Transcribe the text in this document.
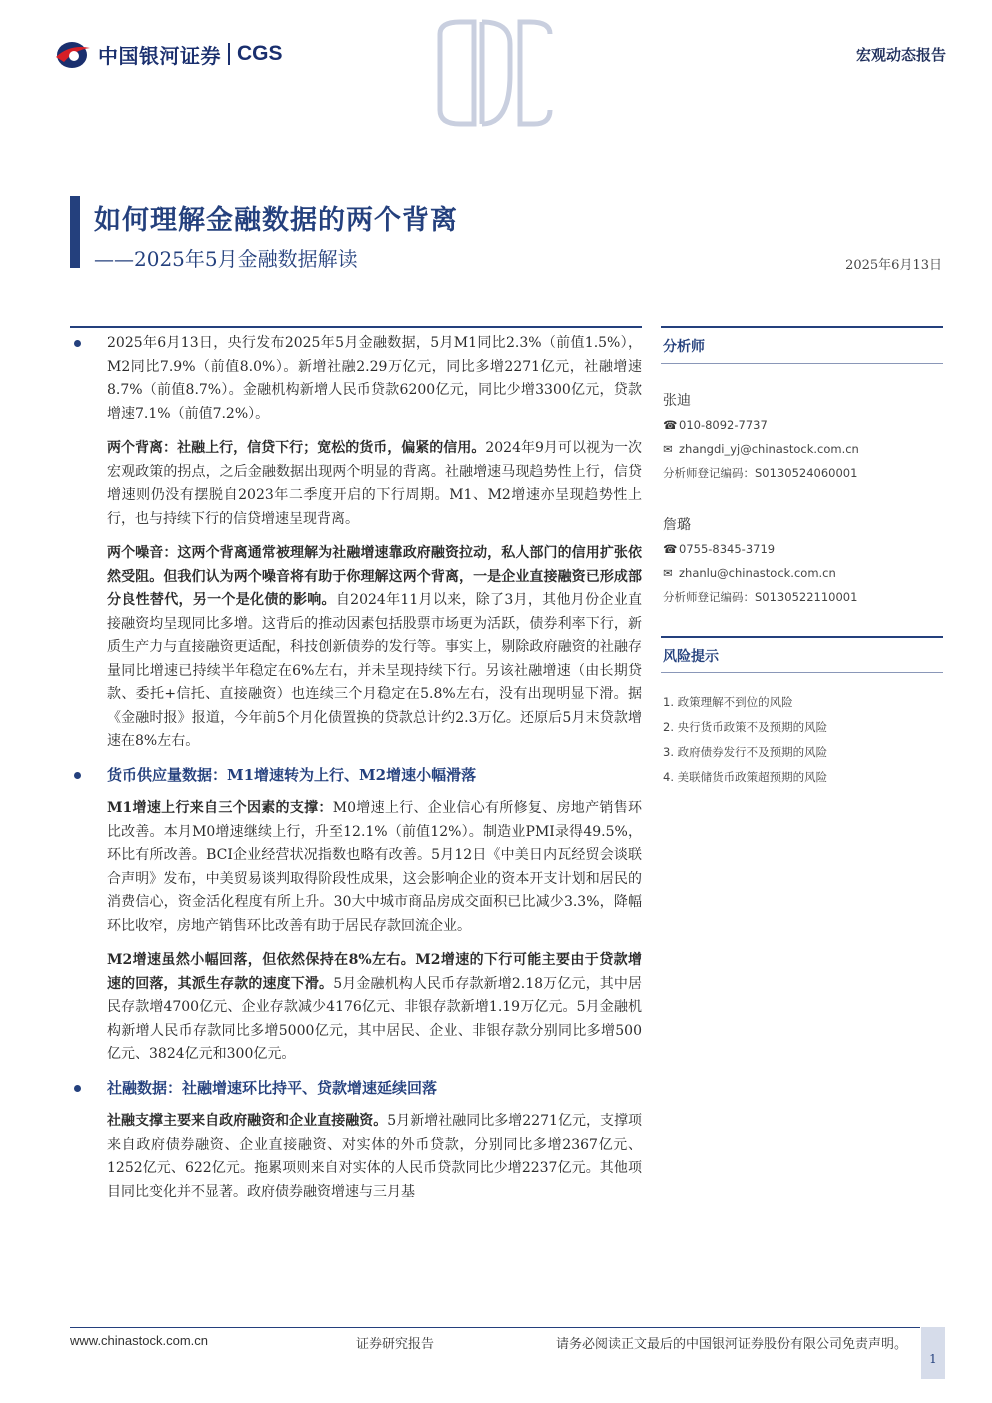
中国银河证券 CGS	宏观动态报告
如何理解金融数据的两个背离
——2025年5月金融数据解读	2025年6月13日

2025年6月13日，央行发布2025年5月金融数据，5月M1同比2.3%（前值1.5%），M2同比7.9%（前值8.0%）。新增社融2.29万亿元，同比多增2271亿元，社融增速8.7%（前值8.7%）。金融机构新增人民币贷款6200亿元，同比少增3300亿元，贷款增速7.1%（前值7.2%）。

两个背离：社融上行，信贷下行；宽松的货币，偏紧的信用。2024年9月可以视为一次宏观政策的拐点，之后金融数据出现两个明显的背离。社融增速马现趋势性上行，信贷增速则仍没有摆脱自2023年二季度开启的下行周期。M1、M2增速亦呈现趋势性上行，也与持续下行的信贷增速呈现背离。

两个噪音：这两个背离通常被理解为社融增速靠政府融资拉动，私人部门的信用扩张依然受阻。但我们认为两个噪音将有助于你理解这两个背离，一是企业直接融资已形成部分良性替代，另一个是化债的影响。自2024年11月以来，除了3月，其他月份企业直接融资均呈现同比多增。这背后的推动因素包括股票市场更为活跃，债券利率下行，新质生产力与直接融资更适配，科技创新债券的发行等。事实上，剔除政府融资的社融存量同比增速已持续半年稳定在6%左右，并未呈现持续下行。另该社融增速（由长期贷款、委托+信托、直接融资）也连续三个月稳定在5.8%左右，没有出现明显下滑。据《金融时报》报道，今年前5个月化债置换的贷款总计约2.3万亿。还原后5月末贷款增速在8%左右。

货币供应量数据：M1增速转为上行、M2增速小幅滑落

M1增速上行来自三个因素的支撑：M0增速上行、企业信心有所修复、房地产销售环比改善。本月M0增速继续上行，升至12.1%（前值12%）。制造业PMI录得49.5%，环比有所改善。BCI企业经营状况指数也略有改善。5月12日《中美日内瓦经贸会谈联合声明》发布，中美贸易谈判取得阶段性成果，这会影响企业的资本开支计划和居民的消费信心，资金活化程度有所上升。30大中城市商品房成交面积已比减少3.3%，降幅环比收窄，房地产销售环比改善有助于居民存款回流企业。

M2增速虽然小幅回落，但依然保持在8%左右。M2增速的下行可能主要由于贷款增速的回落，其派生存款的速度下滑。5月金融机构人民币存款新增2.18万亿元，其中居民存款增4700亿元、企业存款减少4176亿元、非银存款新增1.19万亿元。5月金融机构新增人民币存款同比多增5000亿元，其中居民、企业、非银存款分别同比多增500亿元、3824亿元和300亿元。

社融数据：社融增速环比持平、贷款增速延续回落

社融支撑主要来自政府融资和企业直接融资。5月新增社融同比多增2271亿元，支撑项来自政府债券融资、企业直接融资、对实体的外币贷款，分别同比多增2367亿元、1252亿元、622亿元。拖累项则来自对实体的人民币贷款同比少增2237亿元。其他项目同比变化并不显著。政府债券融资增速与三月基

分析师
张迪
☎ 010-8092-7737
✉ zhangdi_yj@chinastock.com.cn
分析师登记编码：S0130524060001
詹璐
☎ 0755-8345-3719
✉ zhanlu@chinastock.com.cn
分析师登记编码：S0130522110001
风险提示
1. 政策理解不到位的风险
2. 央行货币政策不及预期的风险
3. 政府债券发行不及预期的风险
4. 美联储货币政策超预期的风险
www.chinastock.com.cn	证券研究报告	请务必阅读正文最后的中国银河证券股份有限公司免责声明。
1
